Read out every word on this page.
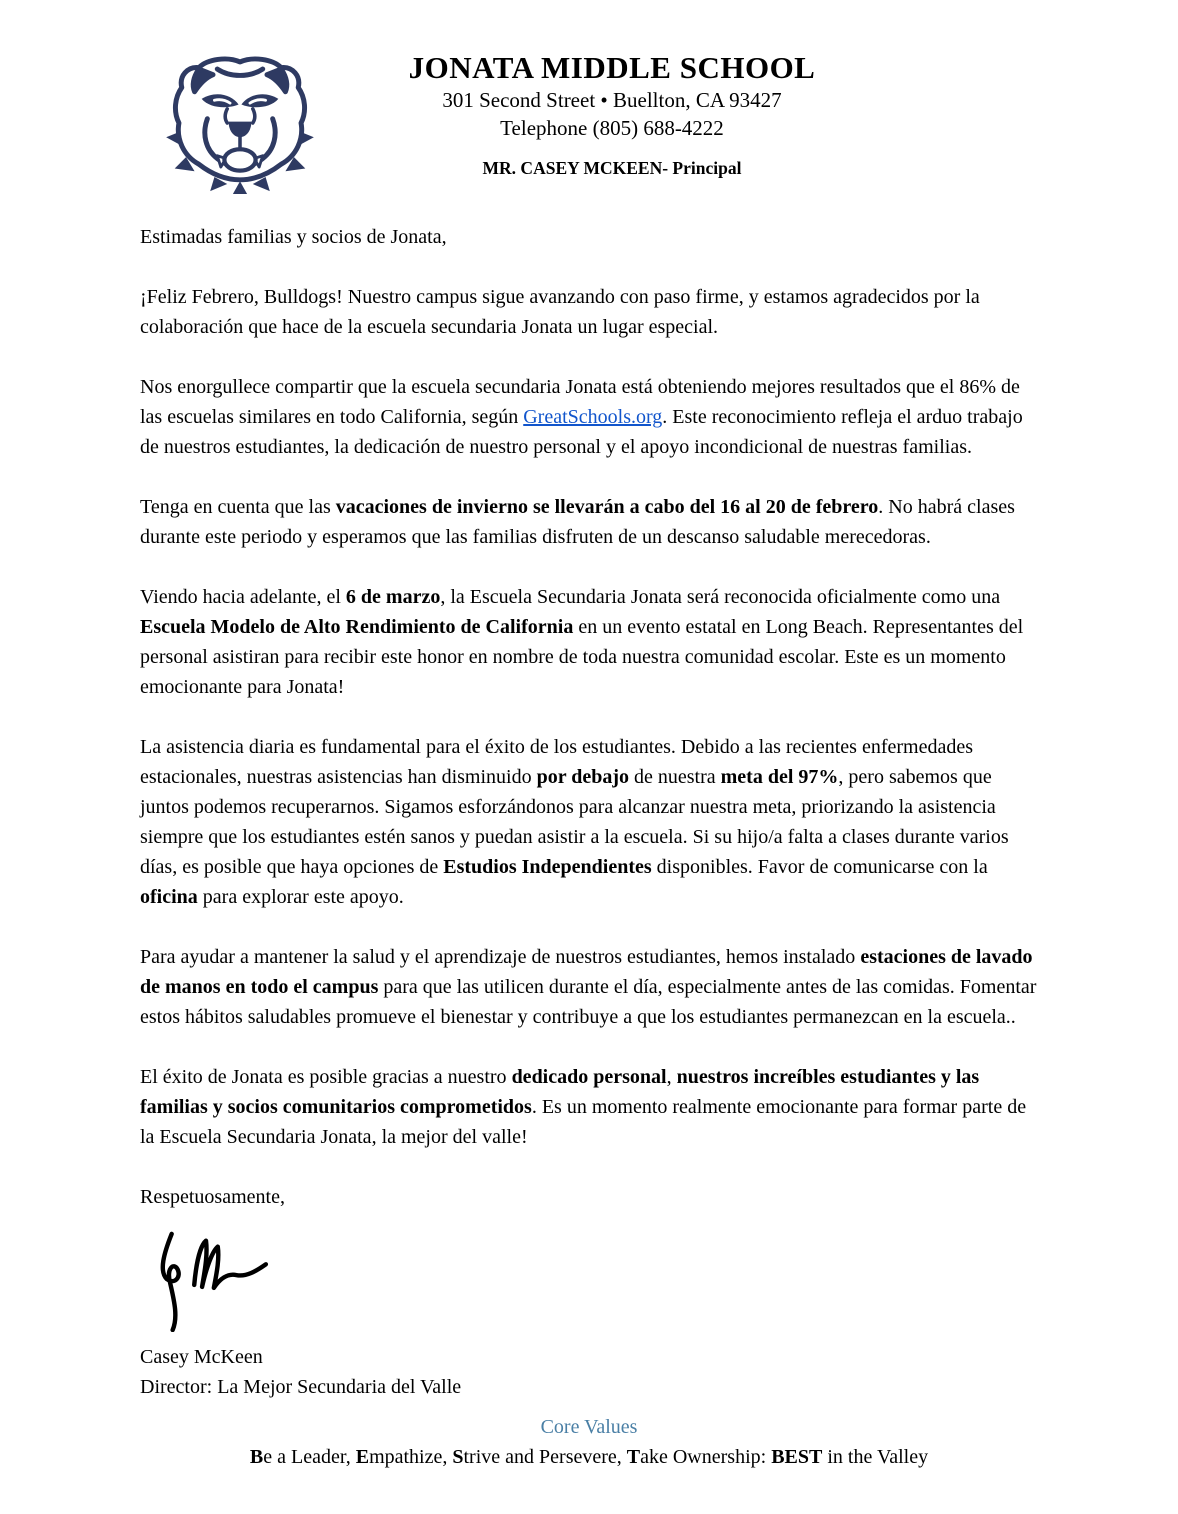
JONATA MIDDLE SCHOOL
301 Second Street • Buellton, CA 93427
Telephone (805) 688-4222
MR. CASEY MCKEEN- Principal

Estimadas familias y socios de Jonata,

¡Feliz Febrero, Bulldogs! Nuestro campus sigue avanzando con paso firme, y estamos agradecidos por la colaboración que hace de la escuela secundaria Jonata un lugar especial.

Nos enorgullece compartir que la escuela secundaria Jonata está obteniendo mejores resultados que el 86% de las escuelas similares en todo California, según GreatSchools.org. Este reconocimiento refleja el arduo trabajo de nuestros estudiantes, la dedicación de nuestro personal y el apoyo incondicional de nuestras familias.

Tenga en cuenta que las vacaciones de invierno se llevarán a cabo del 16 al 20 de febrero. No habrá clases durante este periodo y esperamos que las familias disfruten de un descanso saludable merecedoras.

Viendo hacia adelante, el 6 de marzo, la Escuela Secundaria Jonata será reconocida oficialmente como una Escuela Modelo de Alto Rendimiento de California en un evento estatal en Long Beach. Representantes del personal asistiran para recibir este honor en nombre de toda nuestra comunidad escolar. Este es un momento emocionante para Jonata!

La asistencia diaria es fundamental para el éxito de los estudiantes. Debido a las recientes enfermedades estacionales, nuestras asistencias han disminuido por debajo de nuestra meta del 97%, pero sabemos que juntos podemos recuperarnos. Sigamos esforzándonos para alcanzar nuestra meta, priorizando la asistencia siempre que los estudiantes estén sanos y puedan asistir a la escuela. Si su hijo/a falta a clases durante varios días, es posible que haya opciones de Estudios Independientes disponibles. Favor de comunicarse con la oficina para explorar este apoyo.

Para ayudar a mantener la salud y el aprendizaje de nuestros estudiantes, hemos instalado estaciones de lavado de manos en todo el campus para que las utilicen durante el día, especialmente antes de las comidas. Fomentar estos hábitos saludables promueve el bienestar y contribuye a que los estudiantes permanezcan en la escuela..

El éxito de Jonata es posible gracias a nuestro dedicado personal, nuestros increíbles estudiantes y las familias y socios comunitarios comprometidos. Es un momento realmente emocionante para formar parte de la Escuela Secundaria Jonata, la mejor del valle!

Respetuosamente,

Casey McKeen

Director: La Mejor Secundaria del Valle

Core Values
Be a Leader, Empathize, Strive and Persevere, Take Ownership: BEST in the Valley
